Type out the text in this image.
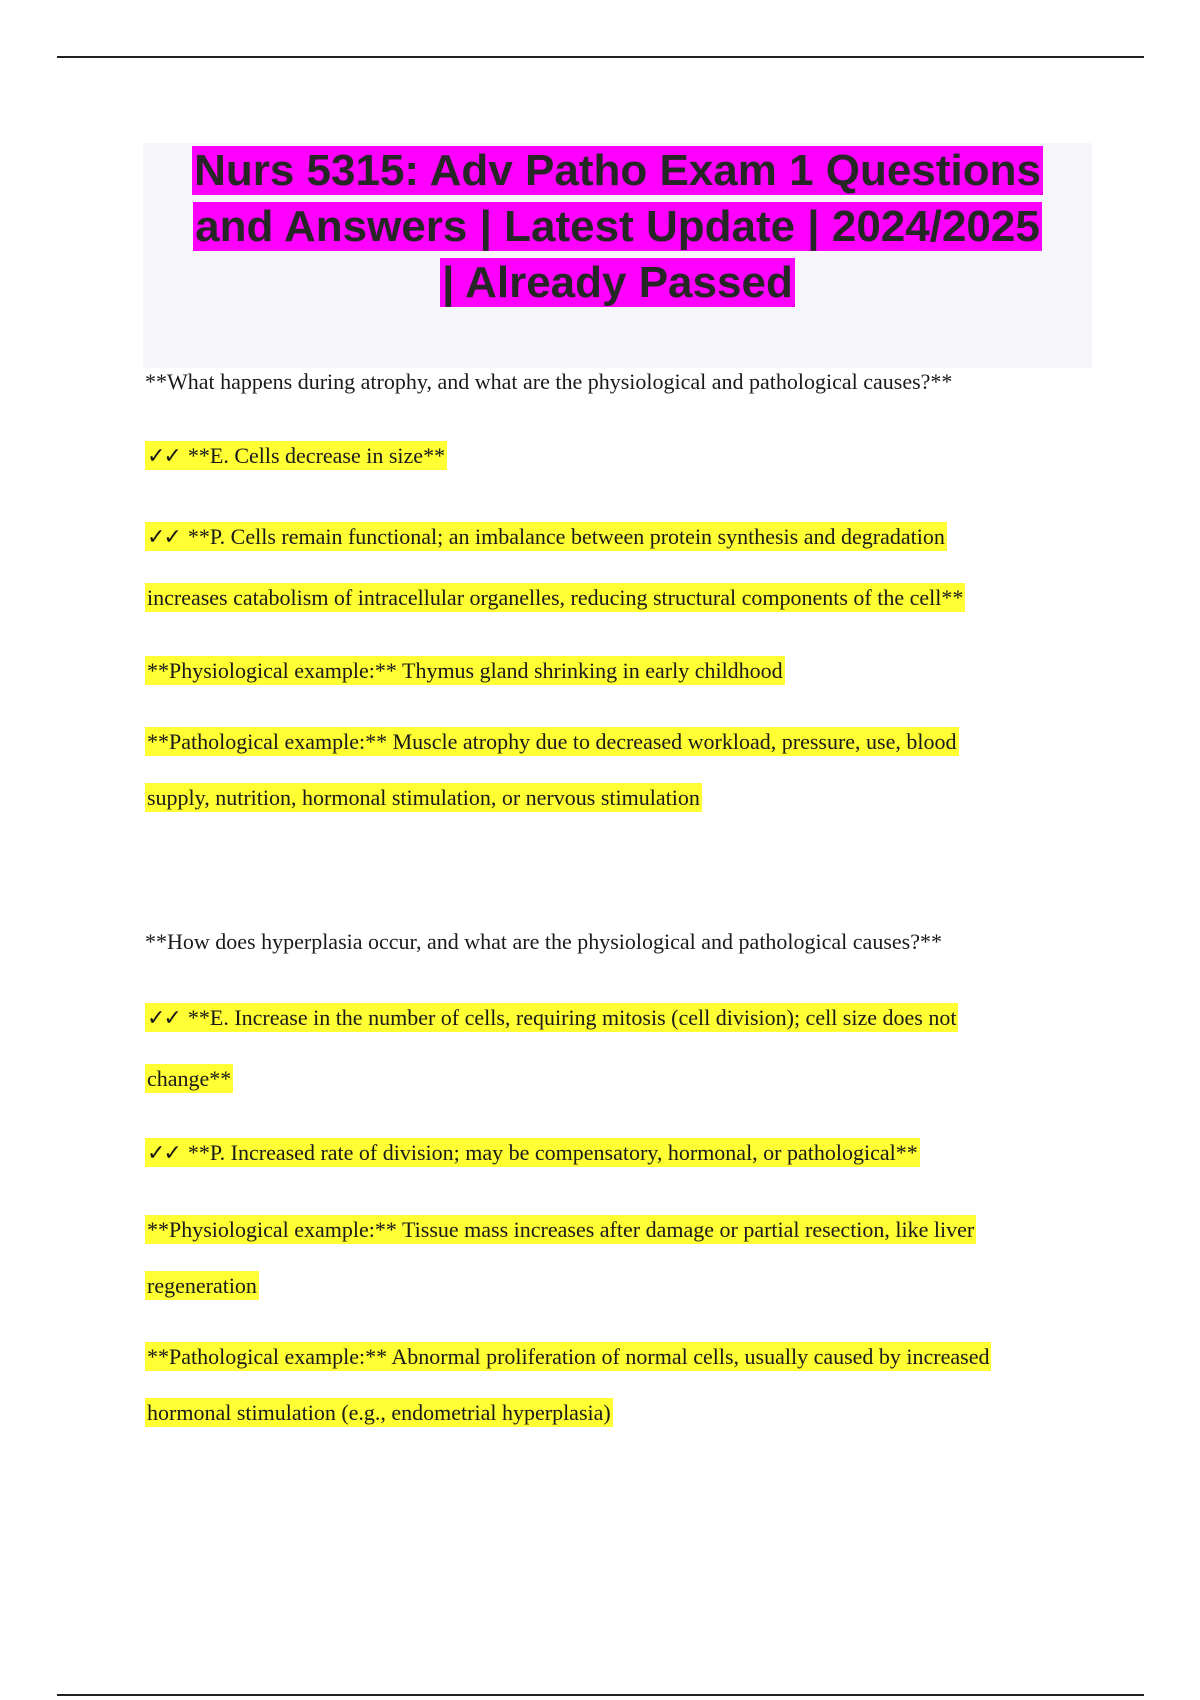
Nurs 5315: Adv Patho Exam 1 Questions
and Answers | Latest Update | 2024/2025
| Already Passed
**What happens during atrophy, and what are the physiological and pathological causes?**
✓✓ **E. Cells decrease in size**
✓✓ **P. Cells remain functional; an imbalance between protein synthesis and degradation
increases catabolism of intracellular organelles, reducing structural components of the cell**
**Physiological example:** Thymus gland shrinking in early childhood
**Pathological example:** Muscle atrophy due to decreased workload, pressure, use, blood
supply, nutrition, hormonal stimulation, or nervous stimulation
**How does hyperplasia occur, and what are the physiological and pathological causes?**
✓✓ **E. Increase in the number of cells, requiring mitosis (cell division); cell size does not
change**
✓✓ **P. Increased rate of division; may be compensatory, hormonal, or pathological**
**Physiological example:** Tissue mass increases after damage or partial resection, like liver
regeneration
**Pathological example:** Abnormal proliferation of normal cells, usually caused by increased
hormonal stimulation (e.g., endometrial hyperplasia)
